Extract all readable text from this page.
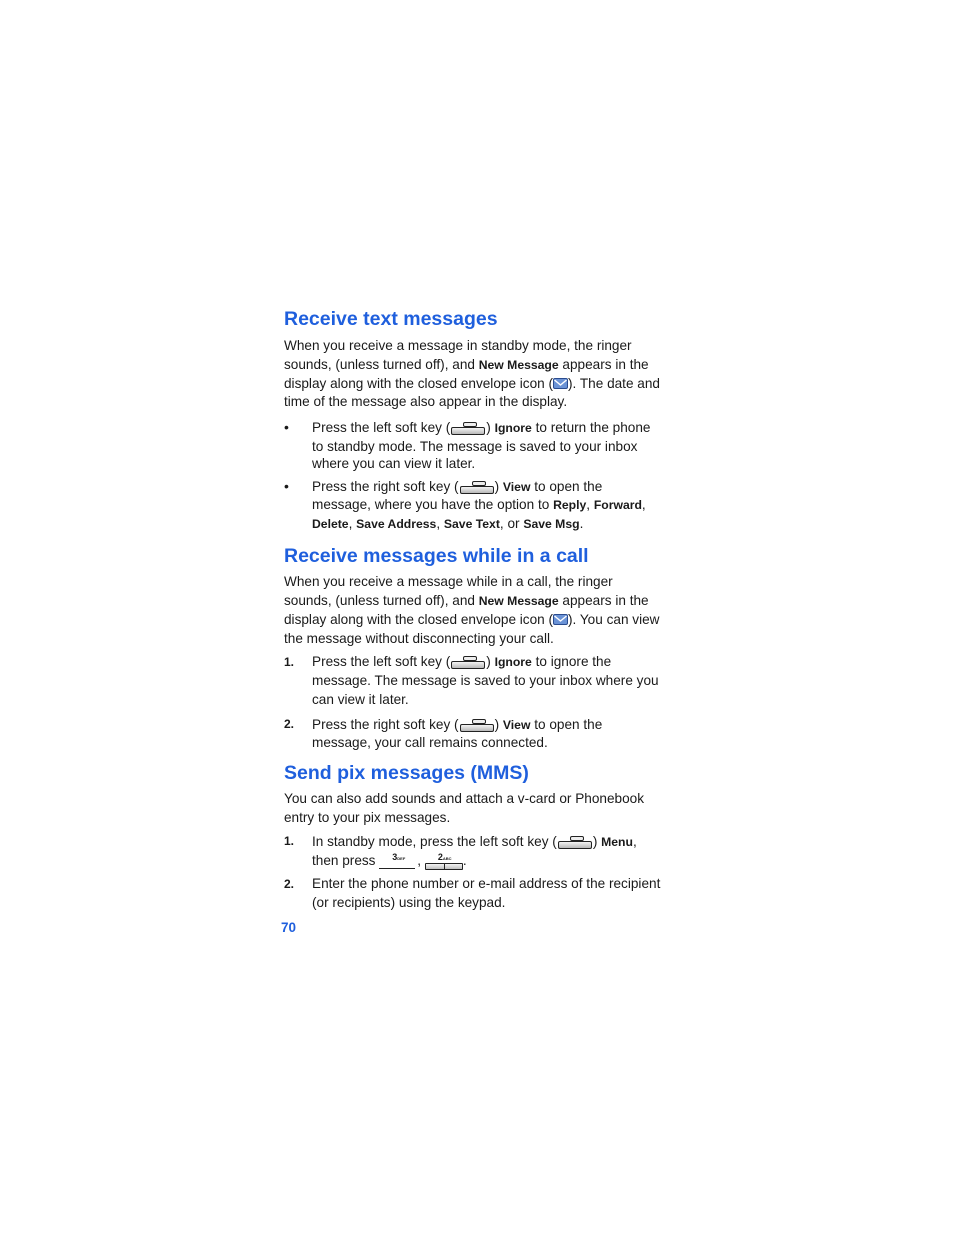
Receive text messages

When you receive a message in standby mode, the ringer sounds, (unless turned off), and New Message appears in the display along with the closed envelope icon ( ). The date and time of the message also appear in the display.

• Press the left soft key (	) Ignore to return the phone to standby mode. The message is saved to your inbox where you can view it later.
• Press the right soft key (	) View to open the message, where you have the option to Reply, Forward, Delete, Save Address, Save Text, or Save Msg.
Receive messages while in a call

When you receive a message while in a call, the ringer sounds, (unless turned off), and New Message appears in the display along with the closed envelope icon ( ). You can view the message without disconnecting your call.

1. Press the left soft key (	) Ignore to ignore the message. The message is saved to your inbox where you can view it later.
2. Press the right soft key (	) View to open the message, your call remains connected.
Send pix messages (MMS)

You can also add sounds and attach a v-card or Phonebook entry to your pix messages.

1. In standby mode, press the left soft key (	) Menu, then press 3DEF , 2ABC .
2. Enter the phone number or e-mail address of the recipient (or recipients) using the keypad.
70
